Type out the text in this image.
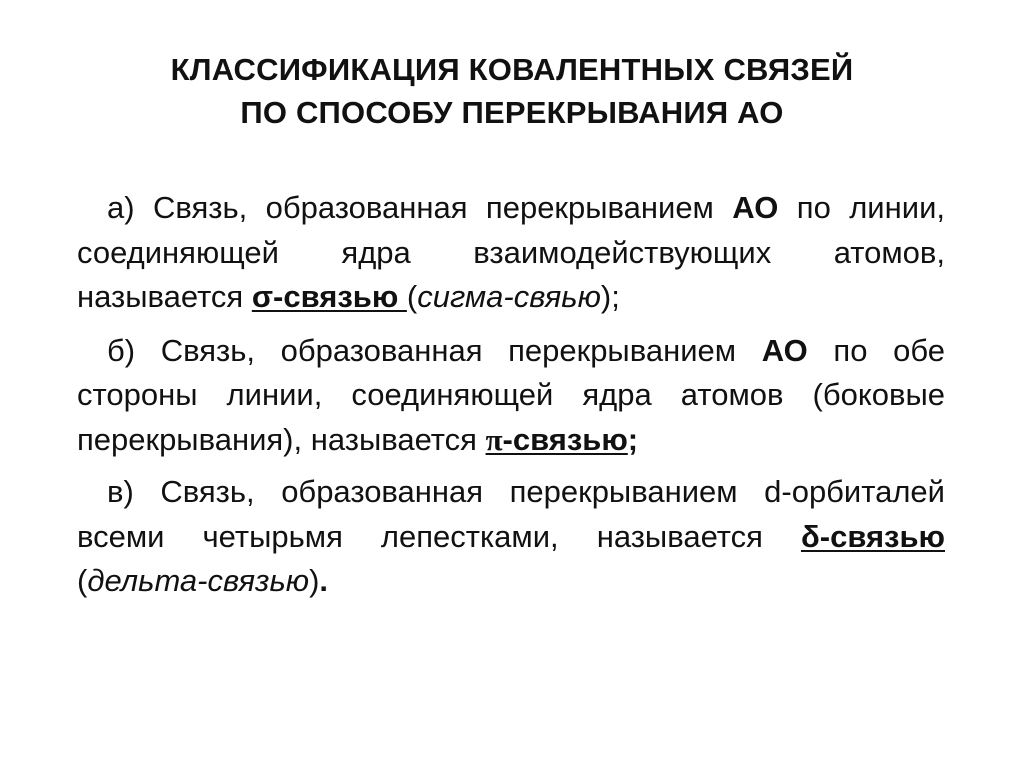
КЛАССИФИКАЦИЯ КОВАЛЕНТНЫХ СВЯЗЕЙ
ПО СПОСОБУ ПЕРЕКРЫВАНИЯ АО

а) Связь, образованная перекрыванием АО по линии, соединяющей ядра взаимодействующих атомов, называется σ-связью (сигма-свяью);

б) Связь, образованная перекрыванием АО по обе стороны линии, соединяющей ядра атомов (боковые перекрывания), называется π-связью;

в) Связь, образованная перекрыванием d-орбиталей всеми четырьмя лепестками, называется δ-связью (дельта-связью).
